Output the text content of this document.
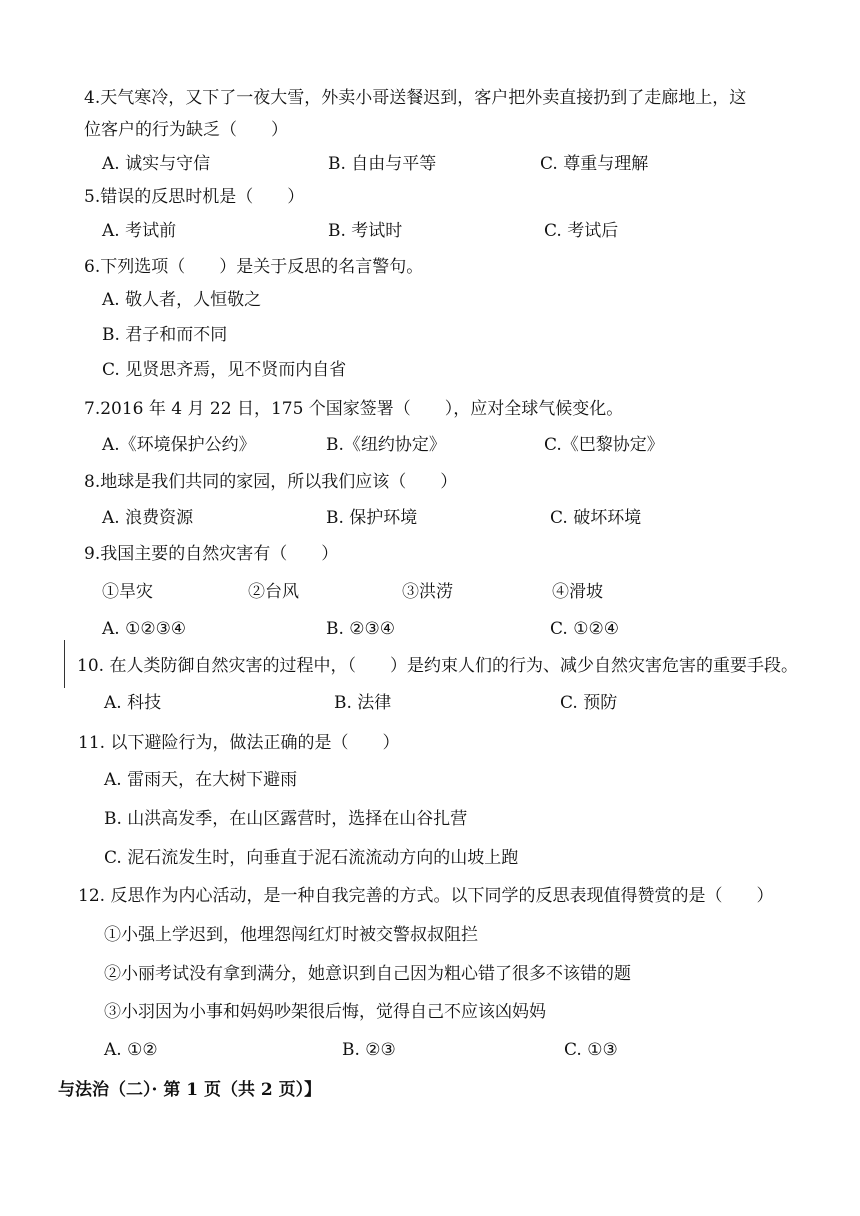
4.天气寒冷，又下了一夜大雪，外卖小哥送餐迟到，客户把外卖直接扔到了走廊地上，这
位客户的行为缺乏（　　）
A. 诚实与守信	B. 自由与平等	C. 尊重与理解
5.错误的反思时机是（　　）
A. 考试前	B. 考试时	C. 考试后
6.下列选项（　　）是关于反思的名言警句。
A. 敬人者，人恒敬之
B. 君子和而不同
C. 见贤思齐焉，见不贤而内自省
7.2016 年 4 月 22 日，175 个国家签署（　　），应对全球气候变化。
A.《环境保护公约》	B.《纽约协定》	C.《巴黎协定》
8.地球是我们共同的家园，所以我们应该（　　）
A. 浪费资源	B. 保护环境	C. 破坏环境
9.我国主要的自然灾害有（　　）
①旱灾	②台风	③洪涝	④滑坡
A. ①②③④	B. ②③④	C. ①②④
10. 在人类防御自然灾害的过程中，（　　）是约束人们的行为、减少自然灾害危害的重要手段。
A. 科技	B. 法律	C. 预防
11. 以下避险行为，做法正确的是（　　）
A. 雷雨天，在大树下避雨
B. 山洪高发季，在山区露营时，选择在山谷扎营
C. 泥石流发生时，向垂直于泥石流流动方向的山坡上跑
12. 反思作为内心活动，是一种自我完善的方式。以下同学的反思表现值得赞赏的是（　　）
①小强上学迟到，他埋怨闯红灯时被交警叔叔阻拦
②小丽考试没有拿到满分，她意识到自己因为粗心错了很多不该错的题
③小羽因为小事和妈妈吵架很后悔，觉得自己不应该凶妈妈
A. ①②	B. ②③	C. ①③
与法治（二）· 第 1 页（共 2 页）】
